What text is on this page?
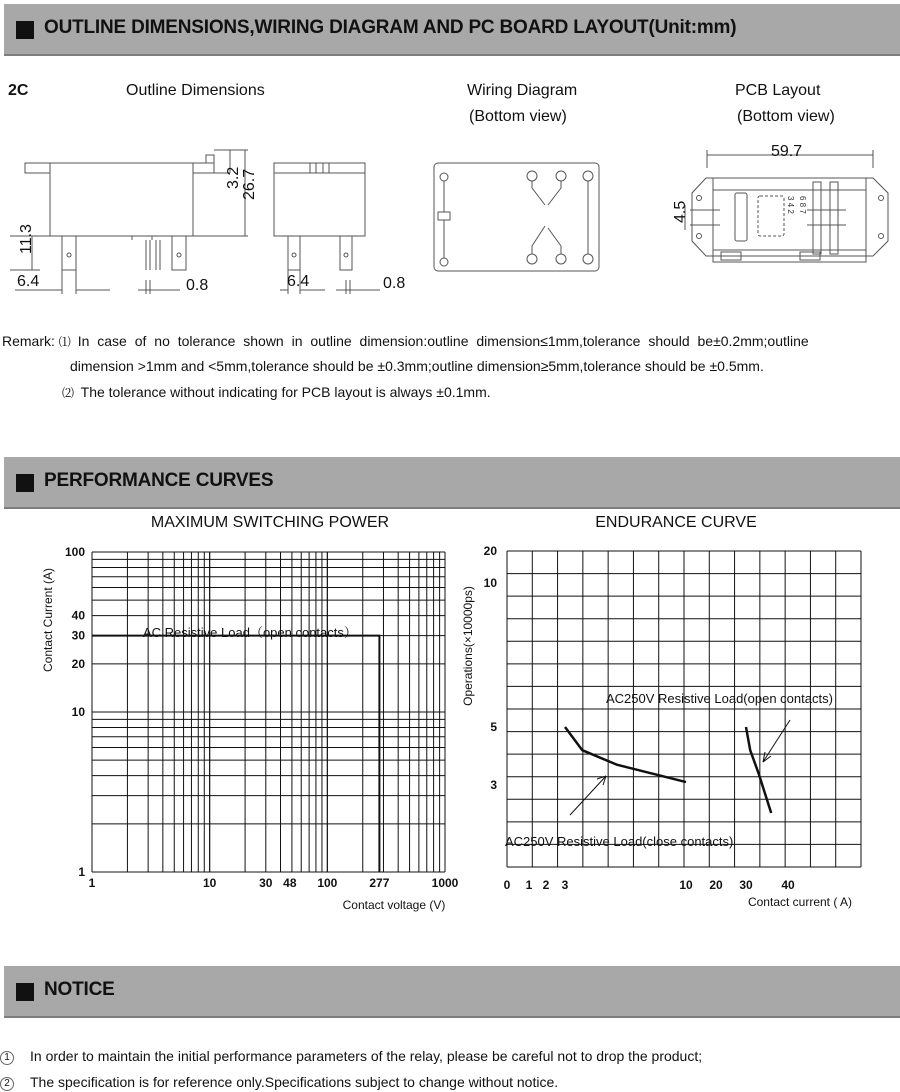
OUTLINE DIMENSIONS,WIRING DIAGRAM AND PC BOARD LAYOUT(Unit:mm)
2C	Outline Dimensions	Wiring Diagram
(Bottom view)
PCB Layout
(Bottom view)
3.2 26.7
11.3
6.4	0.8	6.4	0.8
59.7
4.5	6 8 7
3 4 2
Remark: ⑴ In case of no tolerance shown in outline dimension:outline dimension≤1mm,tolerance should be±0.2mm;outline
dimension >1mm and <5mm,tolerance should be ±0.3mm;outline dimension≥5mm,tolerance should be ±0.5mm.
⑵ The tolerance without indicating for PCB layout is always ±0.1mm.
PERFORMANCE CURVES
MAXIMUM SWITCHING POWER
1	10	30 48 100	277	1000
1
10
20
30
40
100
Contact Current (A)
Contact voltage (V)
AC Resistive Load（open contacts）
ENDURANCE CURVE
0 1 2 3	10 20 30 40
3
5
10
20
Operations(×10000ps)
Contact current ( A)
AC250V Resistive Load(open contacts)
AC250V Resistive Load(close contacts)
NOTICE
1 In order to maintain the initial performance parameters of the relay, please be careful not to drop the product;
2 The specification is for reference only.Specifications subject to change without notice.
